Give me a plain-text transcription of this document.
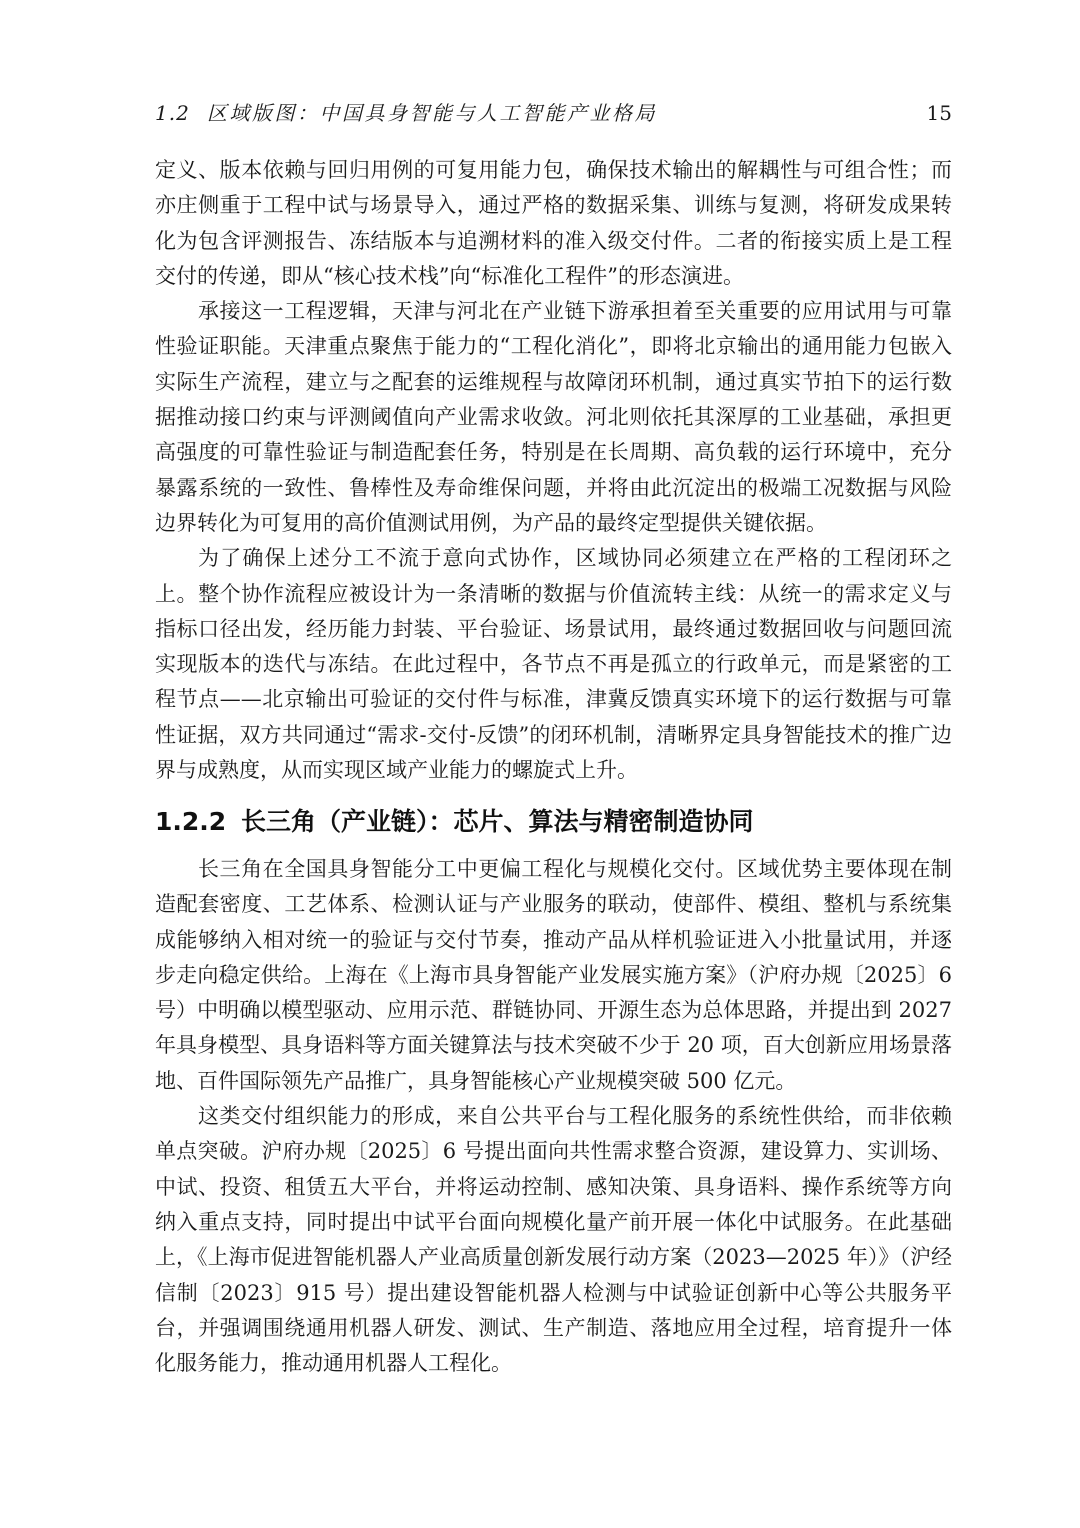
1.2 区域版图：中国具身智能与人工智能产业格局	15

定义、版本依赖与回归用例的可复用能力包，确保技术输出的解耦性与可组合性；而亦庄侧重于工程中试与场景导入，通过严格的数据采集、训练与复测，将研发成果转化为包含评测报告、冻结版本与追溯材料的准入级交付件。二者的衔接实质上是工程交付的传递，即从“核心技术栈”向“标准化工程件”的形态演进。

承接这一工程逻辑，天津与河北在产业链下游承担着至关重要的应用试用与可靠性验证职能。天津重点聚焦于能力的“工程化消化”，即将北京输出的通用能力包嵌入实际生产流程，建立与之配套的运维规程与故障闭环机制，通过真实节拍下的运行数据推动接口约束与评测阈值向产业需求收敛。河北则依托其深厚的工业基础，承担更高强度的可靠性验证与制造配套任务，特别是在长周期、高负载的运行环境中，充分暴露系统的一致性、鲁棒性及寿命维保问题，并将由此沉淀出的极端工况数据与风险边界转化为可复用的高价值测试用例，为产品的最终定型提供关键依据。

为了确保上述分工不流于意向式协作，区域协同必须建立在严格的工程闭环之上。整个协作流程应被设计为一条清晰的数据与价值流转主线：从统一的需求定义与指标口径出发，经历能力封装、平台验证、场景试用，最终通过数据回收与问题回流实现版本的迭代与冻结。在此过程中，各节点不再是孤立的行政单元，而是紧密的工程节点——北京输出可验证的交付件与标准，津冀反馈真实环境下的运行数据与可靠性证据，双方共同通过“需求-交付-反馈”的闭环机制，清晰界定具身智能技术的推广边界与成熟度，从而实现区域产业能力的螺旋式上升。

1.2.2 长三角（产业链）：芯片、算法与精密制造协同

长三角在全国具身智能分工中更偏工程化与规模化交付。区域优势主要体现在制造配套密度、工艺体系、检测认证与产业服务的联动，使部件、模组、整机与系统集成能够纳入相对统一的验证与交付节奏，推动产品从样机验证进入小批量试用，并逐步走向稳定供给。上海在《上海市具身智能产业发展实施方案》（沪府办规〔2025〕6号）中明确以模型驱动、应用示范、群链协同、开源生态为总体思路，并提出到 2027 年具身模型、具身语料等方面关键算法与技术突破不少于 20 项，百大创新应用场景落地、百件国际领先产品推广，具身智能核心产业规模突破 500 亿元。

这类交付组织能力的形成，来自公共平台与工程化服务的系统性供给，而非依赖单点突破。沪府办规〔2025〕6 号提出面向共性需求整合资源，建设算力、实训场、中试、投资、租赁五大平台，并将运动控制、感知决策、具身语料、操作系统等方向纳入重点支持，同时提出中试平台面向规模化量产前开展一体化中试服务。在此基础上，《上海市促进智能机器人产业高质量创新发展行动方案（2023—2025 年）》（沪经信制〔2023〕915 号）提出建设智能机器人检测与中试验证创新中心等公共服务平台，并强调围绕通用机器人研发、测试、生产制造、落地应用全过程，培育提升一体化服务能力，推动通用机器人工程化。
